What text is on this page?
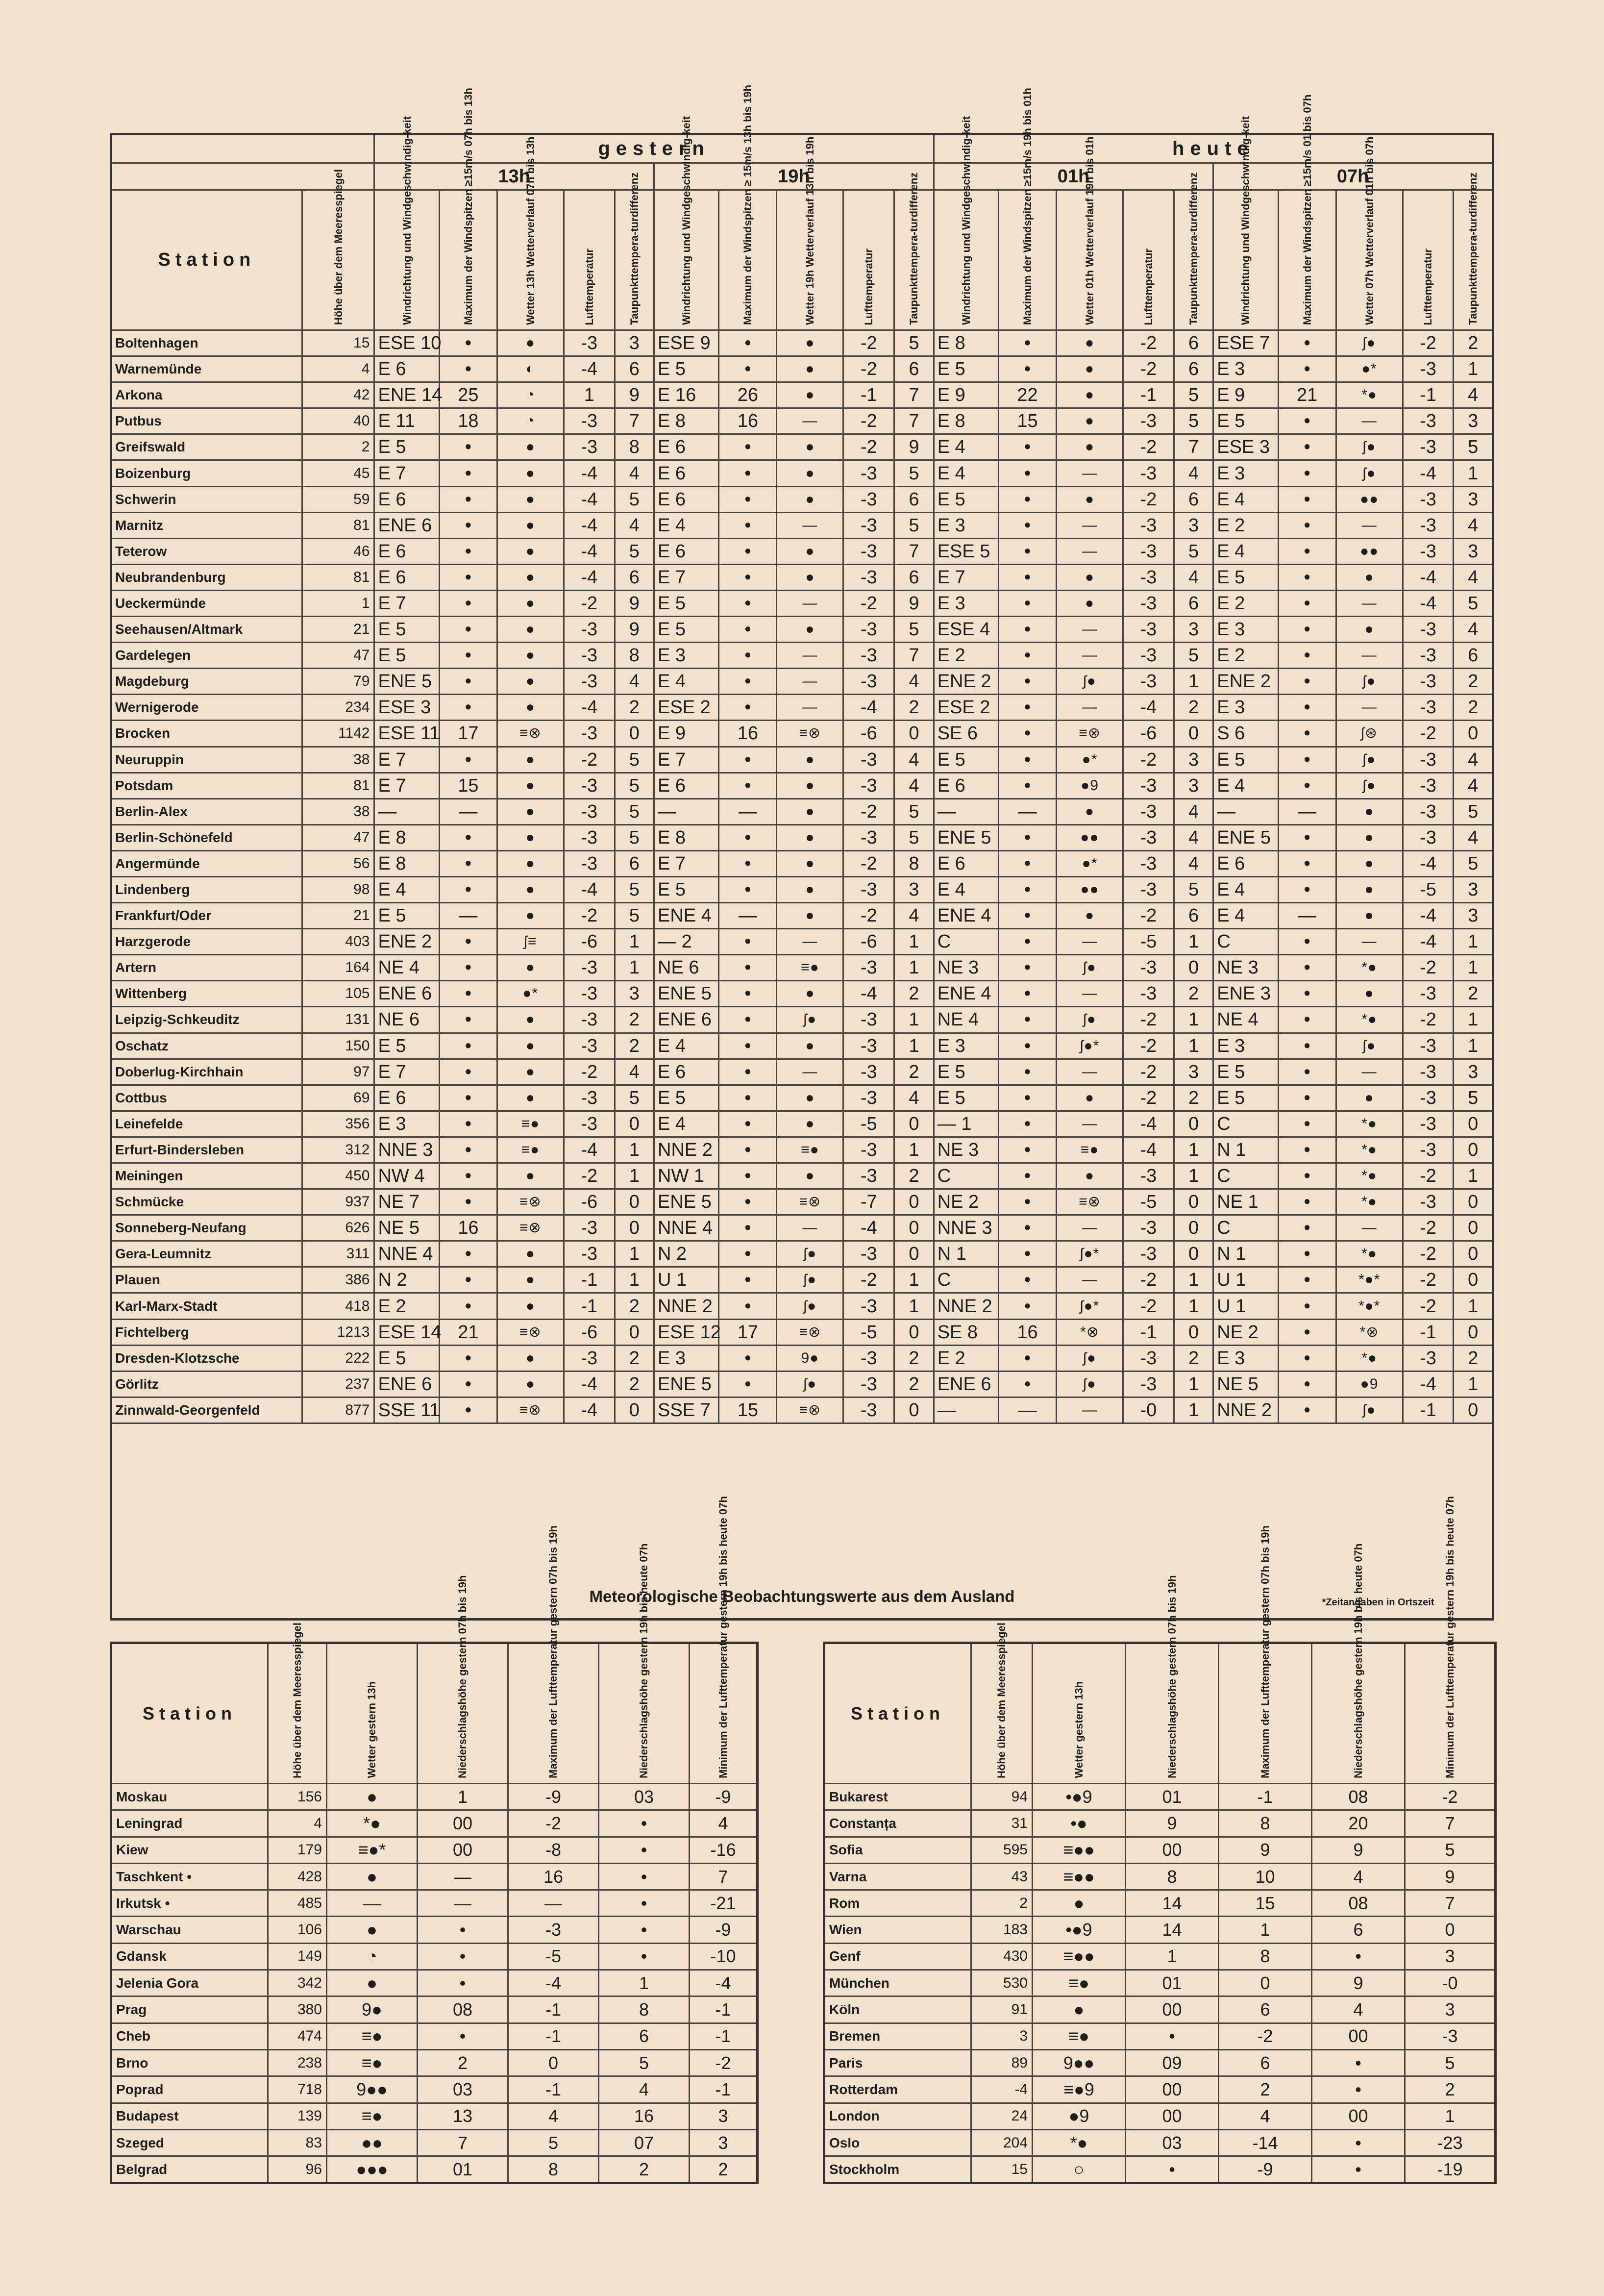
		gestern										heute									
		13h					19h					01h					07h				
Station	Höhe über dem Meeresspiegel	Windrichtung und Windgeschwindig-keit	Maximum der Windspitzen ≥15m/s 07h bis 13h	Wetter 13h Wetterverlauf 07h bis 13h	Lufttemperatur	Taupunkttempera-turdifferenz	Windrichtung und Windgeschwindig-keit	Maximum der Windspitzen ≥ 15m/s 13h bis 19h	Wetter 19h Wetterverlauf 13h bis 19h	Lufttemperatur	Taupunkttempera-turdifferenz	Windrichtung und Windgeschwindig-keit	Maximum der Windspitzen ≥15m/s 19h bis 01h	Wetter 01h Wetterverlauf 19h bis 01h	Lufttemperatur	Taupunkttempera-turdifferenz	Windrichtung und Windgeschwindig-keit	Maximum der Windspitzen ≥15m/s 01 bis 07h	Wetter 07h Wetterverlauf 01h bis 07h	Lufttemperatur	Taupunkttempera-turdifferenz
Boltenhagen	15	ESE 10	•	●	-3	3	ESE 9	•	●	-2	5	E 8	•	●	-2	6	ESE 7	•	ʃ●	-2	2
Warnemünde	4	E 6	•	◐	-4	6	E 5	•	●	-2	6	E 5	•	●	-2	6	E 3	•	●*	-3	1
Arkona	42	ENE 14	25	◔	1	9	E 16	26	●	-1	7	E 9	22	●	-1	5	E 9	21	*●	-1	4
Putbus	40	E 11	18	◔	-3	7	E 8	16	—	-2	7	E 8	15	●	-3	5	E 5	•	—	-3	3
Greifswald	2	E 5	•	●	-3	8	E 6	•	●	-2	9	E 4	•	●	-2	7	ESE 3	•	ʃ●	-3	5
Boizenburg	45	E 7	•	●	-4	4	E 6	•	●	-3	5	E 4	•	—	-3	4	E 3	•	ʃ●	-4	1
Schwerin	59	E 6	•	●	-4	5	E 6	•	●	-3	6	E 5	•	●	-2	6	E 4	•	●●	-3	3
Marnitz	81	ENE 6	•	●	-4	4	E 4	•	—	-3	5	E 3	•	—	-3	3	E 2	•	—	-3	4
Teterow	46	E 6	•	●	-4	5	E 6	•	●	-3	7	ESE 5	•	—	-3	5	E 4	•	●●	-3	3
Neubrandenburg	81	E 6	•	●	-4	6	E 7	•	●	-3	6	E 7	•	●	-3	4	E 5	•	●	-4	4
Ueckermünde	1	E 7	•	●	-2	9	E 5	•	—	-2	9	E 3	•	●	-3	6	E 2	•	—	-4	5
Seehausen/Altmark	21	E 5	•	●	-3	9	E 5	•	●	-3	5	ESE 4	•	—	-3	3	E 3	•	●	-3	4
Gardelegen	47	E 5	•	●	-3	8	E 3	•	—	-3	7	E 2	•	—	-3	5	E 2	•	—	-3	6
Magdeburg	79	ENE 5	•	●	-3	4	E 4	•	—	-3	4	ENE 2	•	ʃ●	-3	1	ENE 2	•	ʃ●	-3	2
Wernigerode	234	ESE 3	•	●	-4	2	ESE 2	•	—	-4	2	ESE 2	•	—	-4	2	E 3	•	—	-3	2
Brocken	1142	ESE 11	17	≡⊗	-3	0	E 9	16	≡⊗	-6	0	SE 6	•	≡⊗	-6	0	S 6	•	ʃ⊛	-2	0
Neuruppin	38	E 7	•	●	-2	5	E 7	•	●	-3	4	E 5	•	●*	-2	3	E 5	•	ʃ●	-3	4
Potsdam	81	E 7	15	●	-3	5	E 6	•	●	-3	4	E 6	•	●9	-3	3	E 4	•	ʃ●	-3	4
Berlin-Alex	38	—	—	●	-3	5	—	—	●	-2	5	—	—	●	-3	4	—	—	●	-3	5
Berlin-Schönefeld	47	E 8	•	●	-3	5	E 8	•	●	-3	5	ENE 5	•	●●	-3	4	ENE 5	•	●	-3	4
Angermünde	56	E 8	•	●	-3	6	E 7	•	●	-2	8	E 6	•	●*	-3	4	E 6	•	●	-4	5
Lindenberg	98	E 4	•	●	-4	5	E 5	•	●	-3	3	E 4	•	●●	-3	5	E 4	•	●	-5	3
Frankfurt/Oder	21	E 5	—	●	-2	5	ENE 4	—	●	-2	4	ENE 4	•	●	-2	6	E 4	—	●	-4	3
Harzgerode	403	ENE 2	•	ʃ≡	-6	1	— 2	•	—	-6	1	C	•	—	-5	1	C	•	—	-4	1
Artern	164	NE 4	•	●	-3	1	NE 6	•	≡●	-3	1	NE 3	•	ʃ●	-3	0	NE 3	•	*●	-2	1
Wittenberg	105	ENE 6	•	●*	-3	3	ENE 5	•	●	-4	2	ENE 4	•	—	-3	2	ENE 3	•	●	-3	2
Leipzig-Schkeuditz	131	NE 6	•	●	-3	2	ENE 6	•	ʃ●	-3	1	NE 4	•	ʃ●	-2	1	NE 4	•	*●	-2	1
Oschatz	150	E 5	•	●	-3	2	E 4	•	●	-3	1	E 3	•	ʃ●*	-2	1	E 3	•	ʃ●	-3	1
Doberlug-Kirchhain	97	E 7	•	●	-2	4	E 6	•	—	-3	2	E 5	•	—	-2	3	E 5	•	—	-3	3
Cottbus	69	E 6	•	●	-3	5	E 5	•	●	-3	4	E 5	•	●	-2	2	E 5	•	●	-3	5
Leinefelde	356	E 3	•	≡●	-3	0	E 4	•	●	-5	0	— 1	•	—	-4	0	C	•	*●	-3	0
Erfurt-Bindersleben	312	NNE 3	•	≡●	-4	1	NNE 2	•	≡●	-3	1	NE 3	•	≡●	-4	1	N 1	•	*●	-3	0
Meiningen	450	NW 4	•	●	-2	1	NW 1	•	●	-3	2	C	•	●	-3	1	C	•	*●	-2	1
Schmücke	937	NE 7	•	≡⊗	-6	0	ENE 5	•	≡⊗	-7	0	NE 2	•	≡⊗	-5	0	NE 1	•	*●	-3	0
Sonneberg-Neufang	626	NE 5	16	≡⊗	-3	0	NNE 4	•	—	-4	0	NNE 3	•	—	-3	0	C	•	—	-2	0
Gera-Leumnitz	311	NNE 4	•	●	-3	1	N 2	•	ʃ●	-3	0	N 1	•	ʃ●*	-3	0	N 1	•	*●	-2	0
Plauen	386	N 2	•	●	-1	1	U 1	•	ʃ●	-2	1	C	•	—	-2	1	U 1	•	*●*	-2	0
Karl-Marx-Stadt	418	E 2	•	●	-1	2	NNE 2	•	ʃ●	-3	1	NNE 2	•	ʃ●*	-2	1	U 1	•	*●*	-2	1
Fichtelberg	1213	ESE 14	21	≡⊗	-6	0	ESE 12	17	≡⊗	-5	0	SE 8	16	*⊗	-1	0	NE 2	•	*⊗	-1	0
Dresden-Klotzsche	222	E 5	•	●	-3	2	E 3	•	9●	-3	2	E 2	•	ʃ●	-3	2	E 3	•	*●	-3	2
Görlitz	237	ENE 6	•	●	-4	2	ENE 5	•	ʃ●	-3	2	ENE 6	•	ʃ●	-3	1	NE 5	•	●9	-4	1
Zinnwald-Georgenfeld	877	SSE 11	•	≡⊗	-4	0	SSE 7	15	≡⊗	-3	0	—	—	—	-0	1	NNE 2	•	ʃ●	-1	0

Meteorologische Beobachtungswerte aus dem Ausland *Zeitangaben in Ortszeit																					
Station	Höhe über dem Meeresspiegel	Wetter gestern 13h	Niederschlagshöhe gestern 07h bis 19h	Maximum der Lufttemperatur gestern 07h bis 19h	Niederschlagshöhe gestern 19h bis heute 07h	Minimum der Lufttemperatur gestern 19h bis heute 07h
Moskau	156	●	1	-9	03	-9
Leningrad	4	*●	00	-2	•	4
Kiew	179	≡●*	00	-8	•	-16
Taschkent •	428	●	—	16	•	7
Irkutsk •	485	—	—	—	•	-21
Warschau	106	●	•	-3	•	-9
Gdansk	149	◔	•	-5	•	-10
Jelenia Gora	342	●	•	-4	1	-4
Prag	380	9●	08	-1	8	-1
Cheb	474	≡●	•	-1	6	-1
Brno	238	≡●	2	0	5	-2
Poprad	718	9●●	03	-1	4	-1
Budapest	139	≡●	13	4	16	3
Szeged	83	●●	7	5	07	3
Belgrad	96	●●●	01	8	2	2
Station	Höhe über dem Meeresspiegel	Wetter gestern 13h	Niederschlagshöhe gestern 07h bis 19h	Maximum der Lufttemperatur gestern 07h bis 19h	Niederschlagshöhe gestern 19h bis heute 07h	Minimum der Lufttemperatur gestern 19h bis heute 07h
Bukarest	94	•●9	01	-1	08	-2
Constanța	31	•●	9	8	20	7
Sofia	595	≡●●	00	9	9	5
Varna	43	≡●●	8	10	4	9
Rom	2	●	14	15	08	7
Wien	183	•●9	14	1	6	0
Genf	430	≡●●	1	8	•	3
München	530	≡●	01	0	9	-0
Köln	91	●	00	6	4	3
Bremen	3	≡●	•	-2	00	-3
Paris	89	9●●	09	6	•	5
Rotterdam	-4	≡●9	00	2	•	2
London	24	●9	00	4	00	1
Oslo	204	*●	03	-14	•	-23
Stockholm	15	○	•	-9	•	-19
